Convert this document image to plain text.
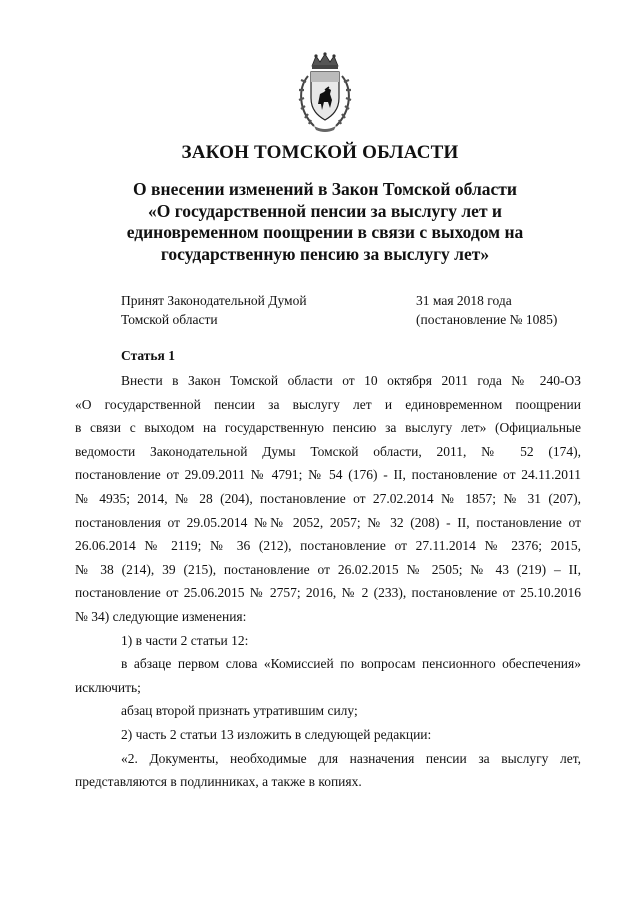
ЗАКОН ТОМСКОЙ ОБЛАСТИ
О внесении изменений в Закон Томской области
«О государственной пенсии за выслугу лет и
единовременном поощрении в связи с выходом на
государственную пенсию за выслугу лет»
Принят Законодательной Думой
Томской области
31 мая 2018 года
(постановление № 1085)
Статья 1

Внести в Закон Томской области от 10 октября 2011 года № 240-ОЗ

«О государственной пенсии за выслугу лет и единовременном поощрении

в связи с выходом на государственную пенсию за выслугу лет» (Официальные

ведомости Законодательной Думы Томской области, 2011, № 52 (174),

постановление от 29.09.2011 № 4791; № 54 (176) - II, постановление от 24.11.2011

№ 4935; 2014, № 28 (204), постановление от 27.02.2014 № 1857; № 31 (207),

постановления от 29.05.2014 №№ 2052, 2057; № 32 (208) - II, постановление от

26.06.2014 № 2119; № 36 (212), постановление от 27.11.2014 № 2376; 2015,

№ 38 (214), 39 (215), постановление от 26.02.2015 № 2505; № 43 (219) – II,

постановление от 25.06.2015 № 2757; 2016, № 2 (233), постановление от 25.10.2016

№ 34) следующие изменения:

1) в части 2 статьи 12:

в абзаце первом слова «Комиссией по вопросам пенсионного обеспечения»

исключить;

абзац второй признать утратившим силу;

2) часть 2 статьи 13 изложить в следующей редакции:

«2. Документы, необходимые для назначения пенсии за выслугу лет,

представляются в подлинниках, а также в копиях.
